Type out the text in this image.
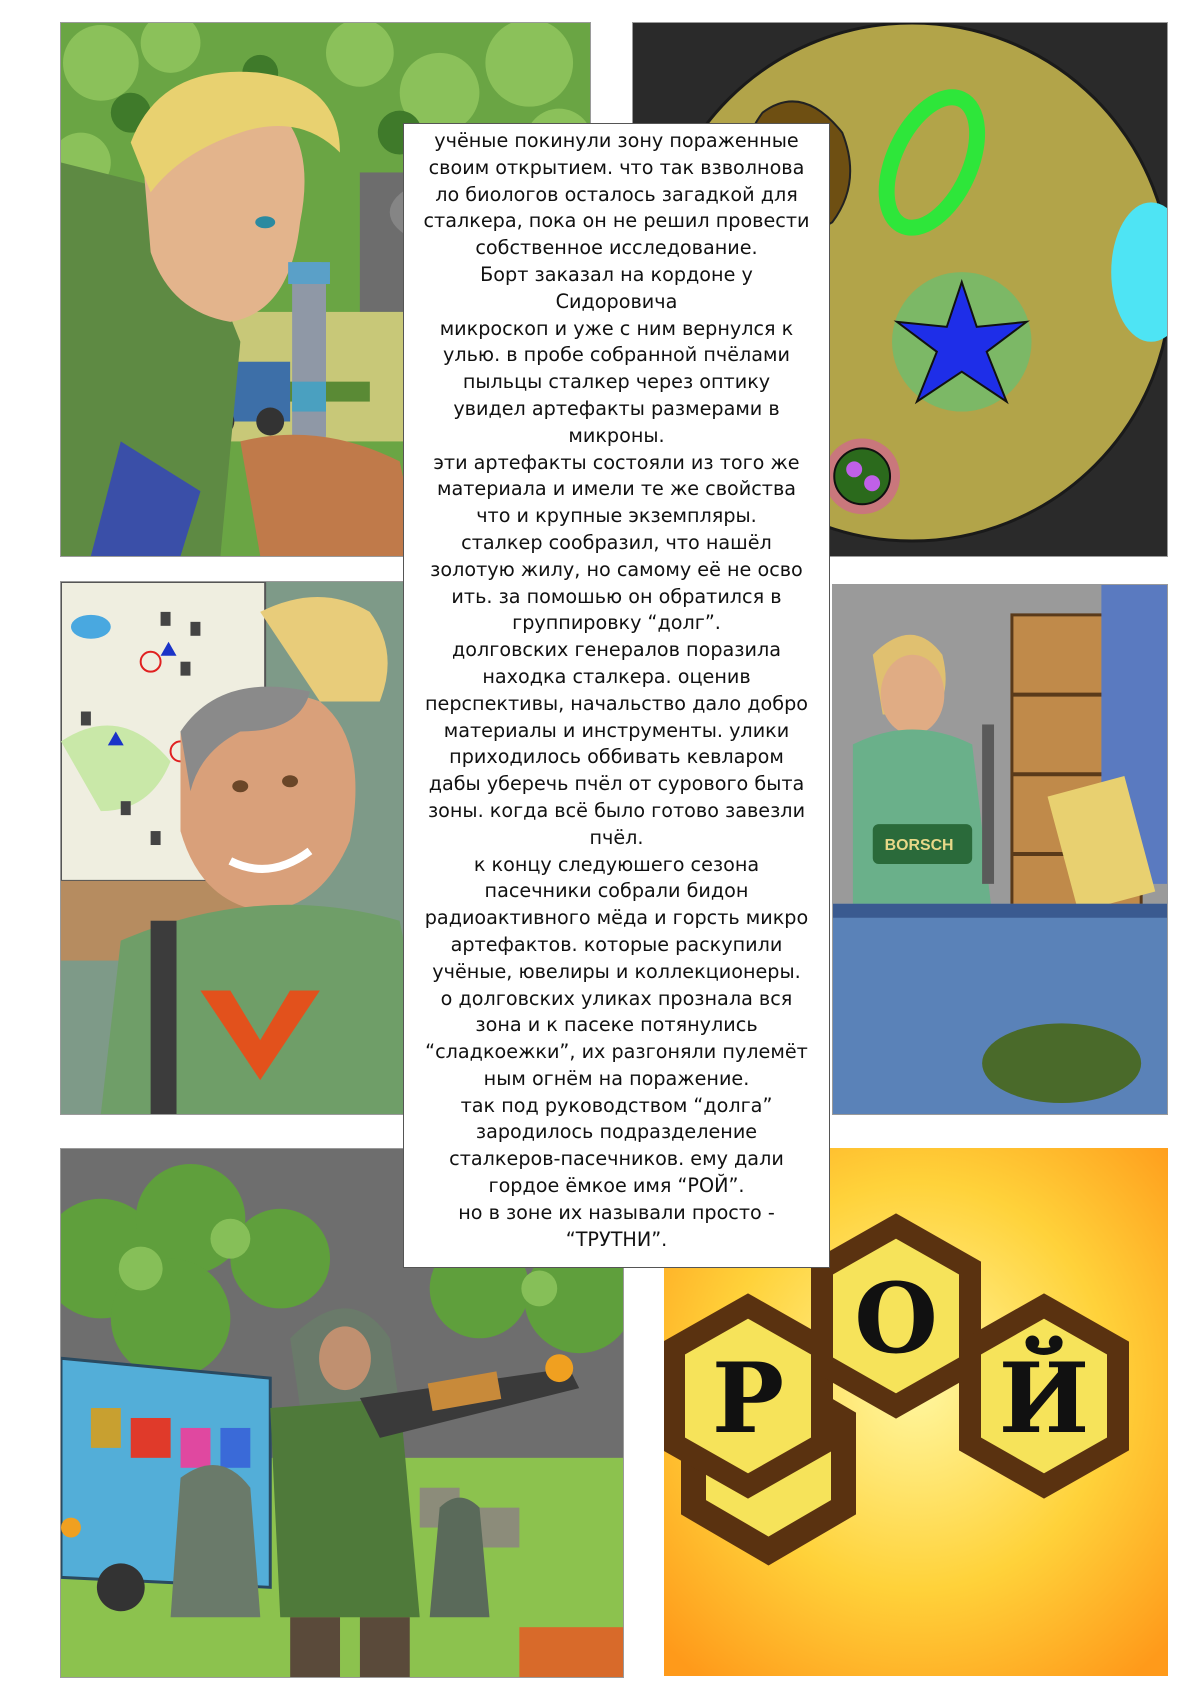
BORSCH
Р
О
Й
учёные покинули зону пораженные
своим открытием. что так взволнова
ло биологов осталось загадкой для
сталкера, пока он не решил провести
собственное исследование.
Борт заказал на кордоне у
Сидоровича
микроскоп и уже с ним вернулся к
улью. в пробе собранной пчёлами
пыльцы сталкер через оптику
увидел артефакты размерами в
микроны.
эти артефакты состояли из того же
материала и имели те же свойства
что и крупные экземпляры.
сталкер сообразил, что нашёл
золотую жилу, но самому её не осво
ить. за помошью он обратился в
группировку “долг”.
долговских генералов поразила
находка сталкера. оценив
перспективы, начальство дало добро
материалы и инструменты. улики
приходилось оббивать кевларом
дабы уберечь пчёл от сурового быта
зоны. когда всё было готово завезли
пчёл.
к концу следуюшего сезона
пасечники собрали бидон
радиоактивного мёда и горсть микро
артефактов. которые раскупили
учёные, ювелиры и коллекционеры.
о долговских уликах прознала вся
зона и к пасеке потянулись
“сладкоежки”, их разгоняли пулемёт
ным огнём на поражение.
так под руководством “долга”
зародилось подразделение
сталкеров-пасечников. ему дали
гордое ёмкое имя “РОЙ”.
но в зоне их называли просто -
“ТРУТНИ”.
